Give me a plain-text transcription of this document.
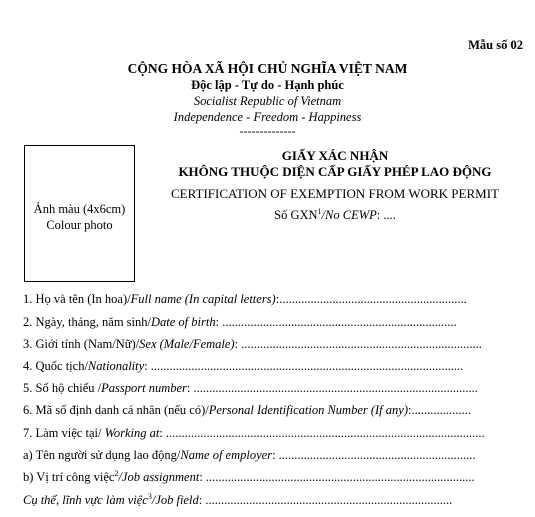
Mẫu số 02
CỘNG HÒA XÃ HỘI CHỦ NGHĨA VIỆT NAM
Độc lập - Tự do - Hạnh phúc
Socialist Republic of Vietnam
Independence - Freedom - Happiness
--------------
Ảnh màu (4x6cm)
Colour photo
GIẤY XÁC NHẬN
KHÔNG THUỘC DIỆN CẤP GIẤY PHÉP LAO ĐỘNG
CERTIFICATION OF EXEMPTION FROM WORK PERMIT
Số GXN$^1$/No CEWP: ....
1. Họ và tên (In hoa)/Full name (In capital letters):............................................................
2. Ngày, tháng, năm sinh/Date of birth: ...........................................................................
3. Giới tính (Nam/Nữ)/Sex (Male/Female): .............................................................................
4. Quốc tịch/Nationality: ....................................................................................................
5. Số hộ chiếu /Passport number: ...........................................................................................
6. Mã số định danh cá nhân (nếu có)/Personal Identification Number (If any):...................
7. Làm việc tại/ Working at: ......................................................................................................
a) Tên người sử dụng lao động/Name of employer: ...............................................................
b) Vị trí công việc$^2$/Job assignment: ......................................................................................
Cụ thể, lĩnh vực làm việc$^3$/Job field: ...............................................................................
